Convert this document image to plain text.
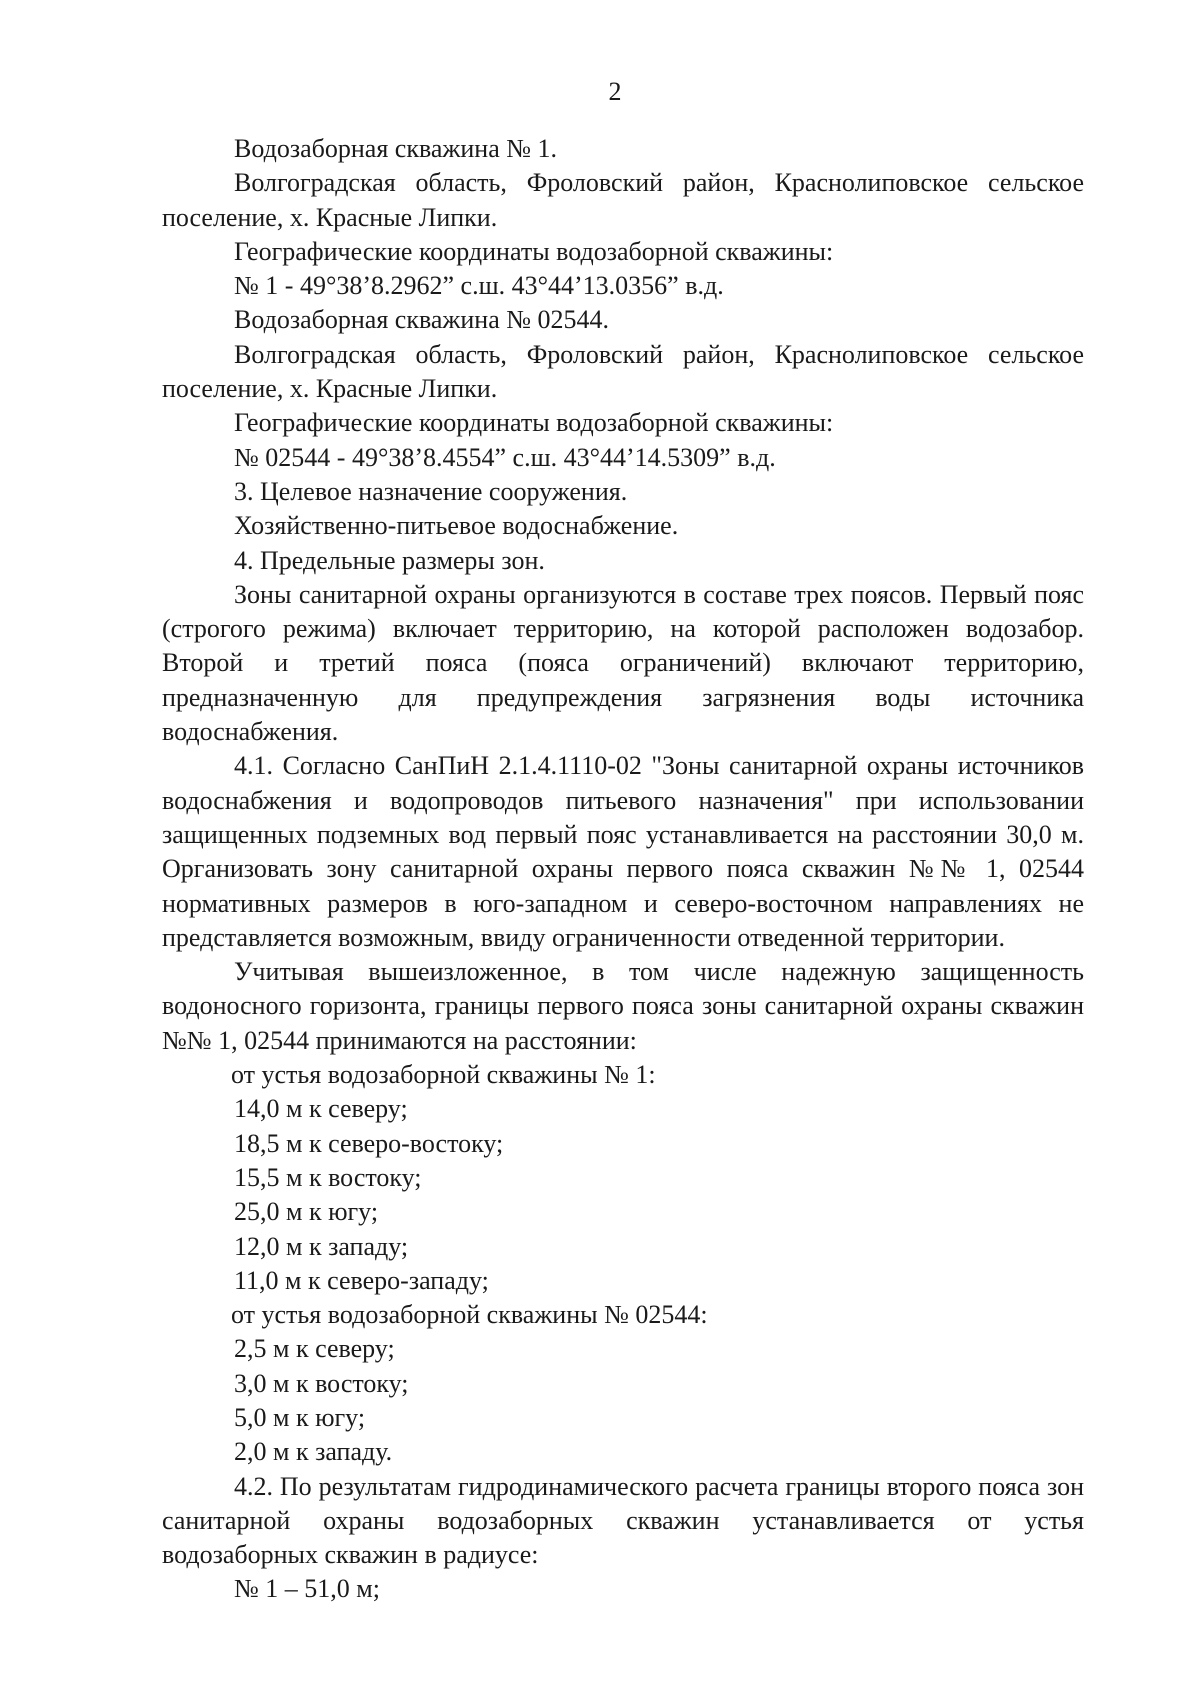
2

Водозаборная скважина № 1.

Волгоградская область, Фроловский район, Краснолиповское сельское поселение, х. Красные Липки.

Географические координаты водозаборной скважины:

№ 1 - 49°38’8.2962” с.ш. 43°44’13.0356” в.д.

Водозаборная скважина № 02544.

Волгоградская область, Фроловский район, Краснолиповское сельское поселение, х. Красные Липки.

Географические координаты водозаборной скважины:

№ 02544 - 49°38’8.4554” с.ш. 43°44’14.5309” в.д.

3. Целевое назначение сооружения.

Хозяйственно-питьевое водоснабжение.

4. Предельные размеры зон.

Зоны санитарной охраны организуются в составе трех поясов. Первый пояс (строгого режима) включает территорию, на которой расположен водозабор. Второй и третий пояса (пояса ограничений) включают территорию, предназначенную для предупреждения загрязнения воды источника водоснабжения.

4.1. Согласно СанПиН 2.1.4.1110-02 "Зоны санитарной охраны источников водоснабжения и водопроводов питьевого назначения" при использовании защищенных подземных вод первый пояс устанавливается на расстоянии 30,0 м. Организовать зону санитарной охраны первого пояса скважин №№ 1, 02544 нормативных размеров в юго-западном и северо-восточном направлениях не представляется возможным, ввиду ограниченности отведенной территории.

Учитывая вышеизложенное, в том числе надежную защищенность водоносного горизонта, границы первого пояса зоны санитарной охраны скважин №№ 1, 02544 принимаются на расстоянии:

от устья водозаборной скважины № 1:

14,0 м к северу;

18,5 м к северо-востоку;

15,5 м к востоку;

25,0 м к югу;

12,0 м к западу;

11,0 м к северо-западу;

от устья водозаборной скважины № 02544:

2,5 м к северу;

3,0 м к востоку;

5,0 м к югу;

2,0 м к западу.

4.2. По результатам гидродинамического расчета границы второго пояса зон санитарной охраны водозаборных скважин устанавливается от устья водозаборных скважин в радиусе:

№ 1 – 51,0 м;
